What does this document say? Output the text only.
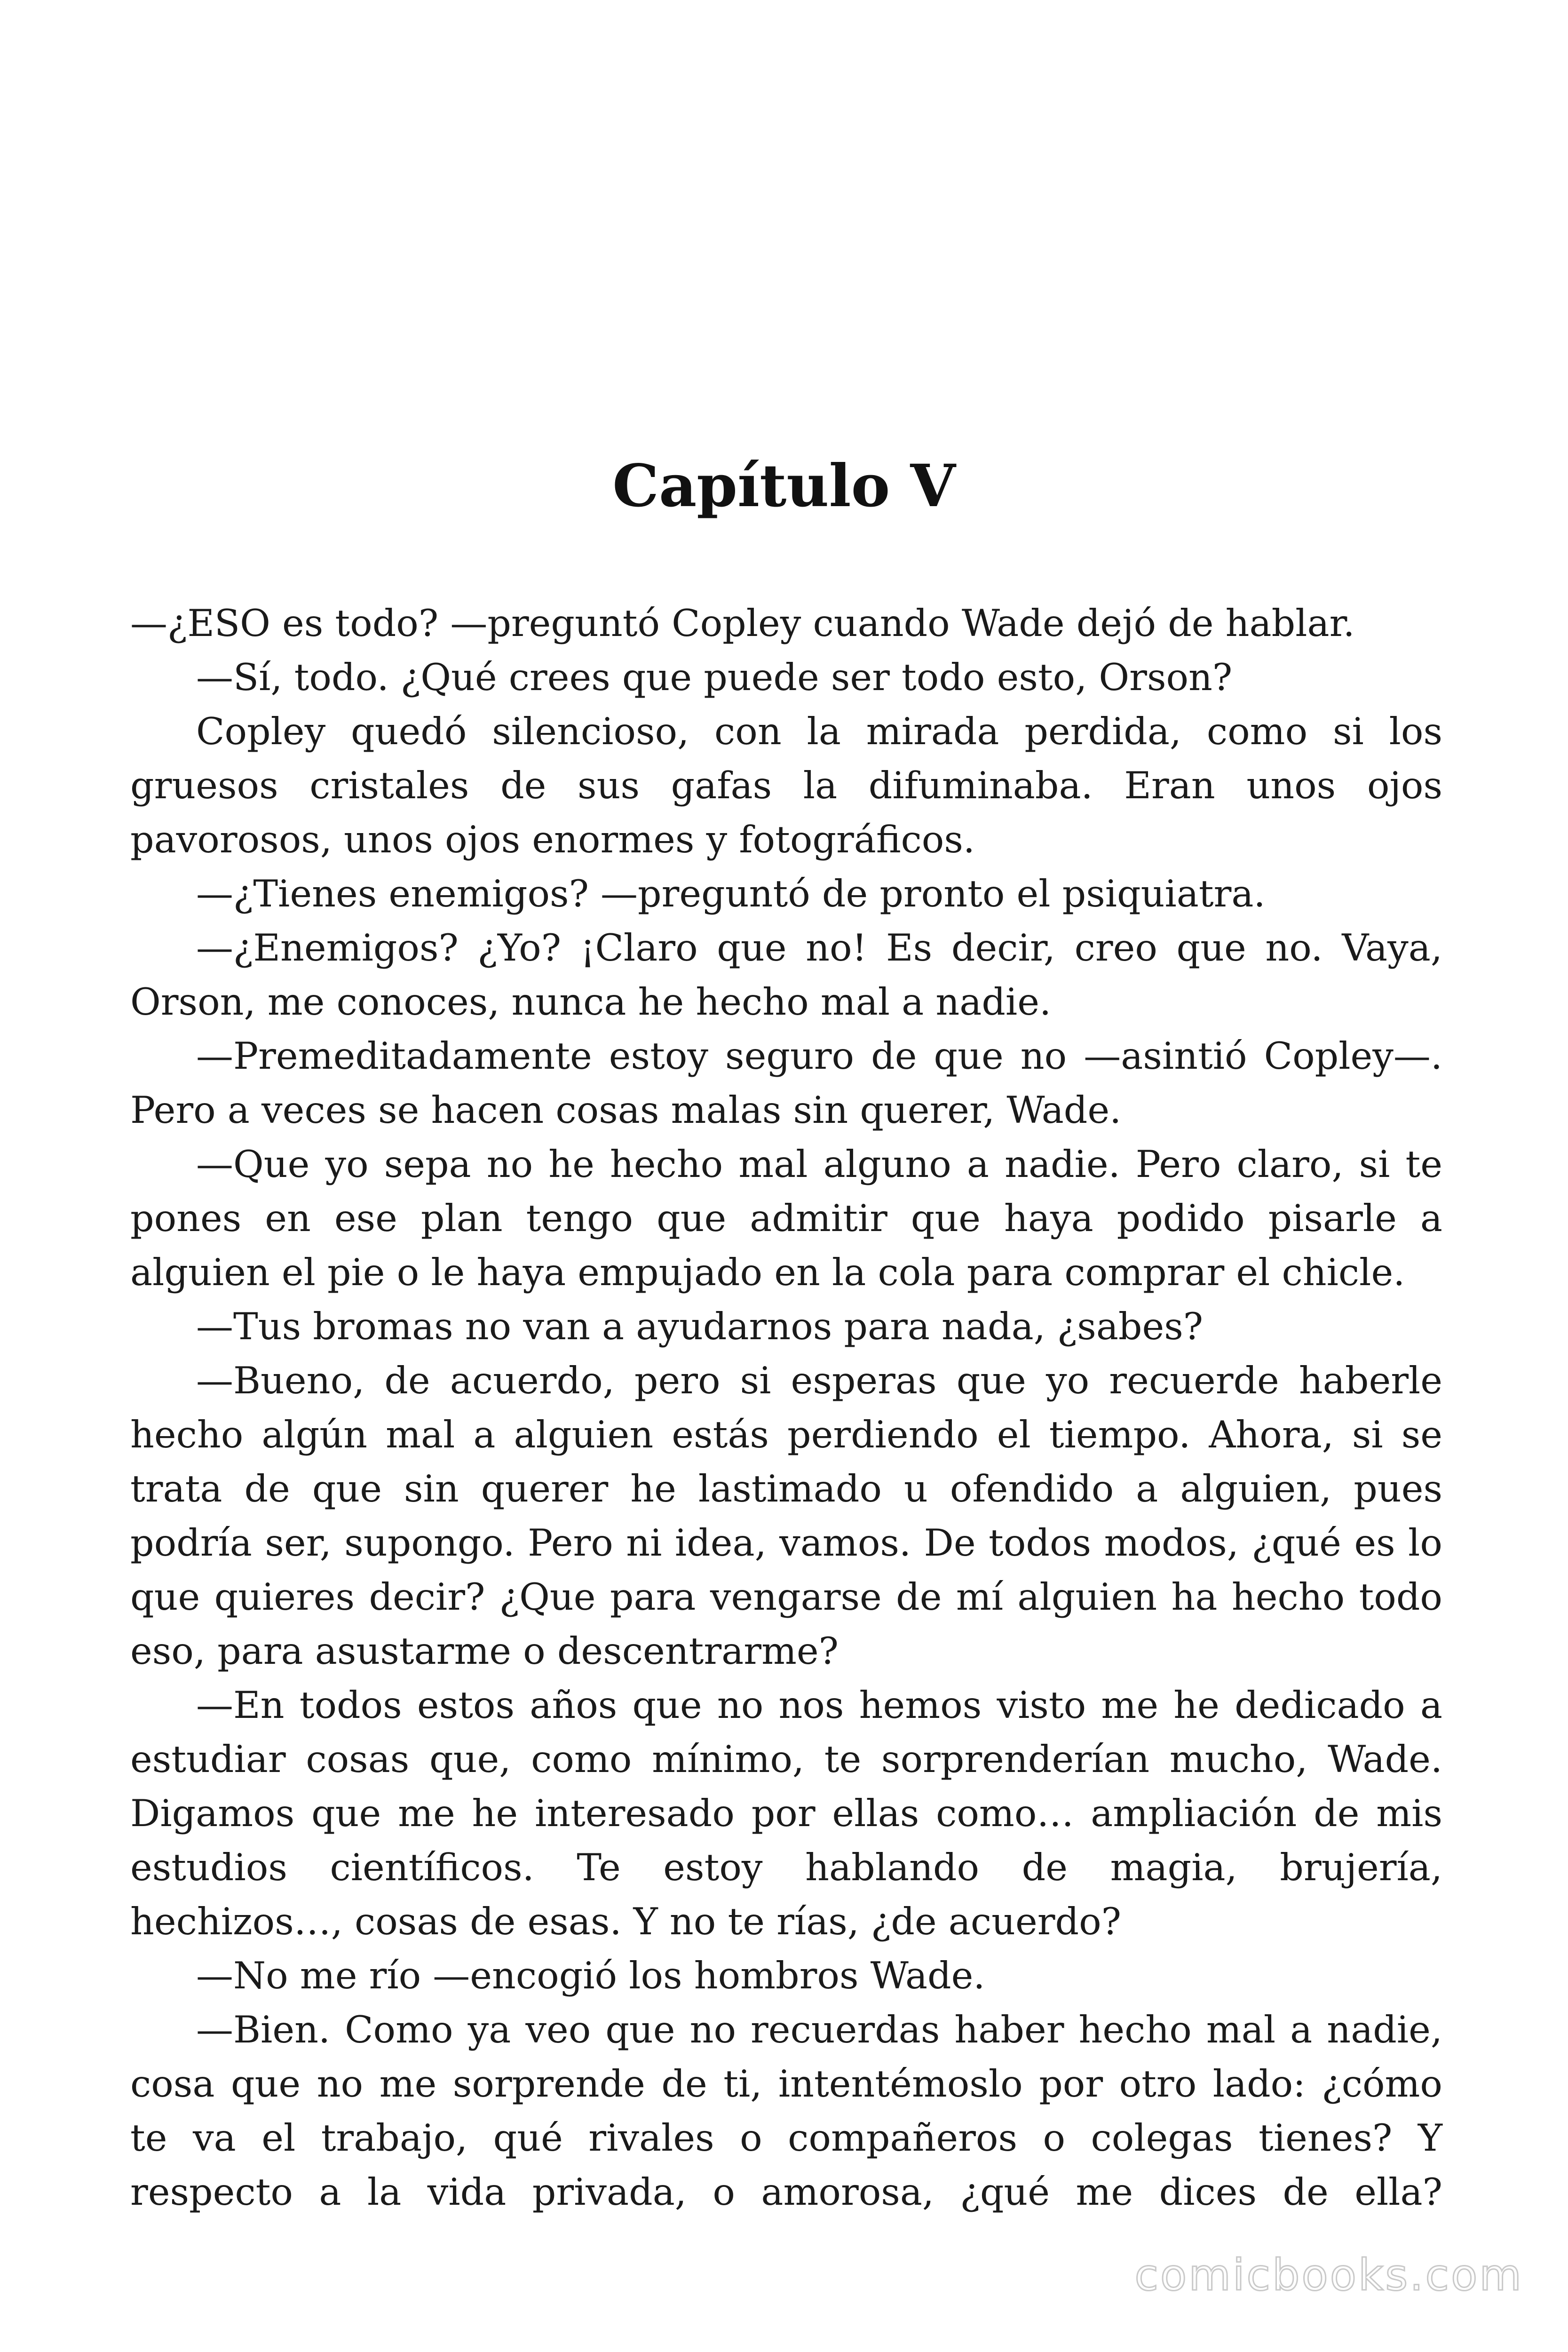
Capítulo V

—¿ESO es todo? —preguntó Copley cuando Wade dejó de hablar.

—Sí, todo. ¿Qué crees que puede ser todo esto, Orson?

Copley quedó silencioso, con la mirada perdida, como si los gruesos cristales de sus gafas la difuminaba. Eran unos ojos pavorosos, unos ojos enormes y fotográficos.

—¿Tienes enemigos? —preguntó de pronto el psiquiatra.

—¿Enemigos? ¿Yo? ¡Claro que no! Es decir, creo que no. Vaya, Orson, me conoces, nunca he hecho mal a nadie.

—Premeditadamente estoy seguro de que no —asintió Copley—. Pero a veces se hacen cosas malas sin querer, Wade.

—Que yo sepa no he hecho mal alguno a nadie. Pero claro, si te pones en ese plan tengo que admitir que haya podido pisarle a alguien el pie o le haya empujado en la cola para comprar el chicle.

—Tus bromas no van a ayudarnos para nada, ¿sabes?

—Bueno, de acuerdo, pero si esperas que yo recuerde haberle hecho algún mal a alguien estás perdiendo el tiempo. Ahora, si se trata de que sin querer he lastimado u ofendido a alguien, pues podría ser, supongo. Pero ni idea, vamos. De todos modos, ¿qué es lo que quieres decir? ¿Que para vengarse de mí alguien ha hecho todo eso, para asustarme o descentrarme?

—En todos estos años que no nos hemos visto me he dedicado a estudiar cosas que, como mínimo, te sorprenderían mucho, Wade. Digamos que me he interesado por ellas como… ampliación de mis estudios científicos. Te estoy hablando de magia, brujería, hechizos…, cosas de esas. Y no te rías, ¿de acuerdo?

—No me río —encogió los hombros Wade.

—Bien. Como ya veo que no recuerdas haber hecho mal a nadie, cosa que no me sorprende de ti, intentémoslo por otro lado: ¿cómo te va el trabajo, qué rivales o compañeros o colegas tienes? Y respecto a la vida privada, o amorosa, ¿qué me dices de ella?

comicbooks.com
